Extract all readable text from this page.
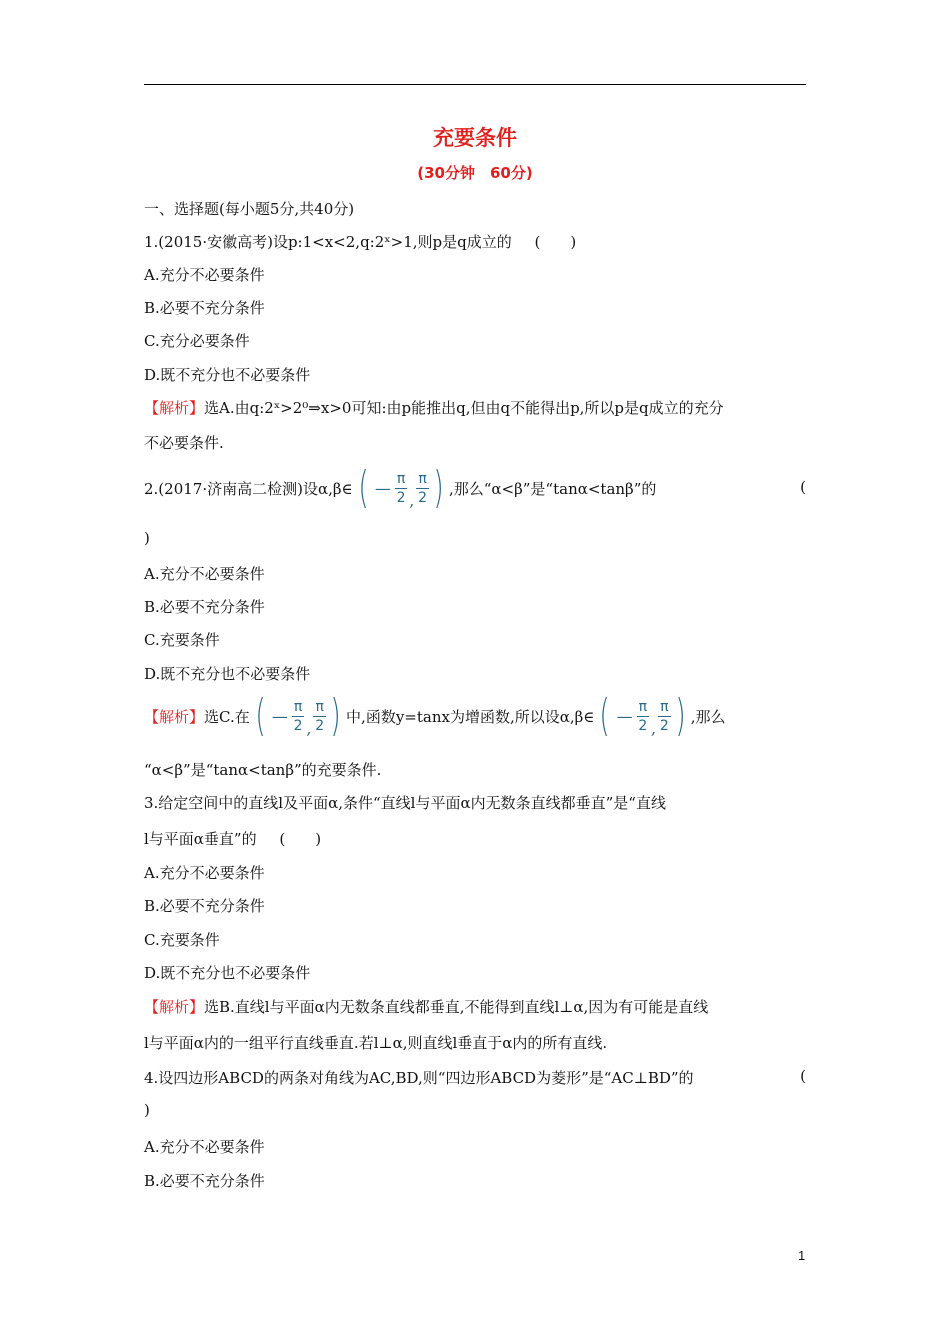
充要条件
(30分钟　60分)
一、选择题(每小题5分,共40分)
1.(2015·安徽高考)设p:1<x<2,q:2ˣ>1,则p是q成立的 (　　)
A.充分不必要条件
B.必要不充分条件
C.充分必要条件
D.既不充分也不必要条件
【解析】选A.由q:2ˣ>2⁰⇒x>0可知:由p能推出q,但由q不能得出p,所以p是q成立的充分
不必要条件.
2.(2017·济南高二检测)设α,β∈ ( — $\frac{\pi}{2}$ , $\frac{\pi}{2}$ ) ,那么“α<β”是“tanα<tanβ”的	(
)
A.充分不必要条件
B.必要不充分条件
C.充要条件
D.既不充分也不必要条件
【解析】 选C.在 ( — $\frac{\pi}{2}$ , $\frac{\pi}{2}$ ) 中,函数y=tanx为增函数,所以设α,β∈ ( — $\frac{\pi}{2}$ , $\frac{\pi}{2}$ ) ,那么
“α<β”是“tanα<tanβ”的充要条件.
3.给定空间中的直线l及平面α,条件“直线l与平面α内无数条直线都垂直”是“直线
l与平面α垂直”的 (　　)
A.充分不必要条件
B.必要不充分条件
C.充要条件
D.既不充分也不必要条件
【解析】选B.直线l与平面α内无数条直线都垂直,不能得到直线l⊥α,因为有可能是直线
l与平面α内的一组平行直线垂直.若l⊥α,则直线l垂直于α内的所有直线.
4.设四边形ABCD的两条对角线为AC,BD,则“四边形ABCD为菱形”是“AC⊥BD”的	(
)
A.充分不必要条件
B.必要不充分条件
1
